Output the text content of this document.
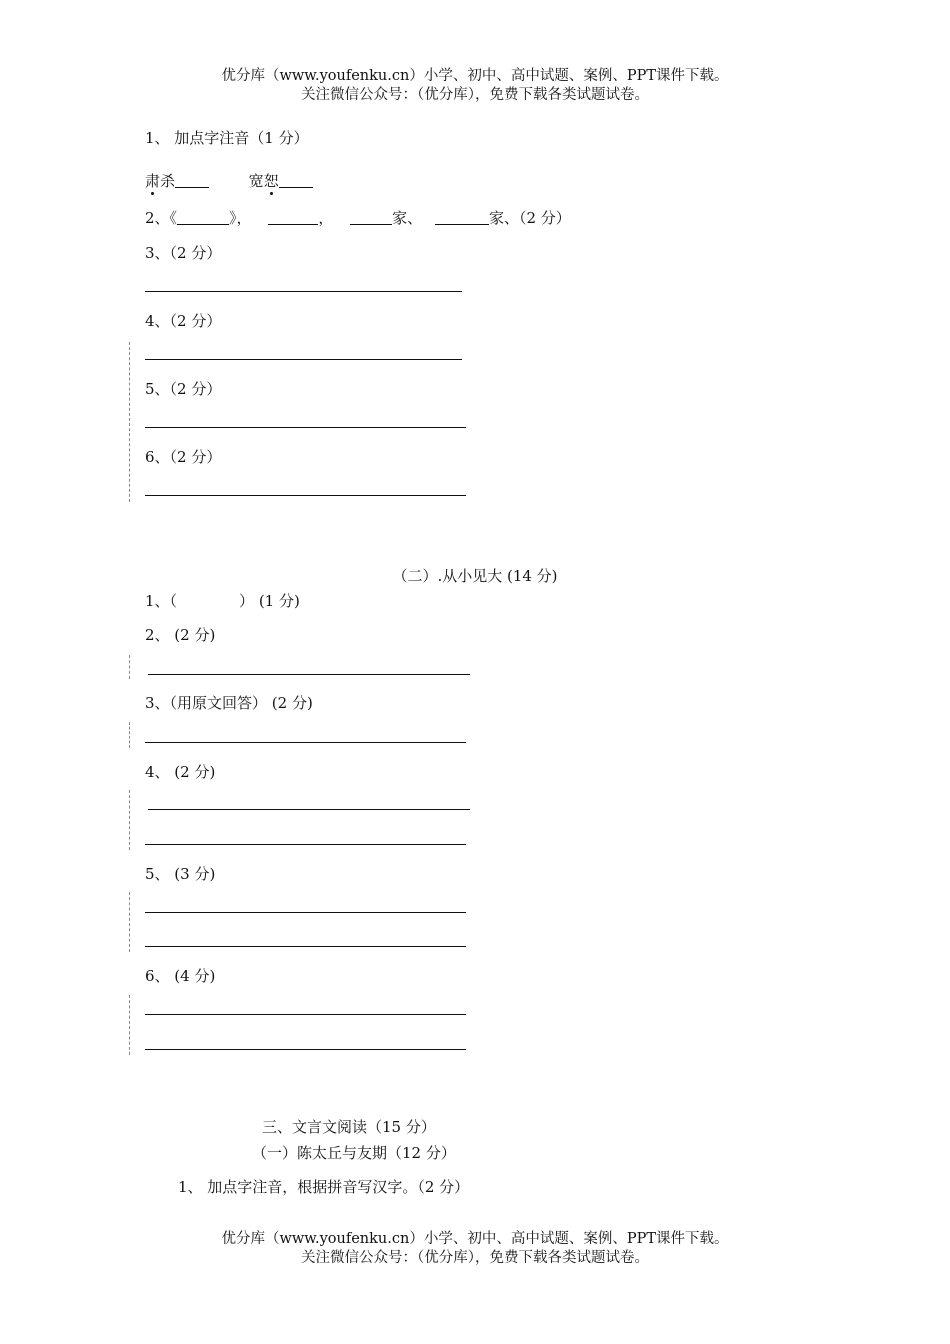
优分库（www.youfenku.cn）小学、初中、高中试题、案例、PPT课件下载。
关注微信公众号：（优分库），免费下载各类试题试卷。
1、 加点字注音（1 分）
肃杀	宽恕
2、《	》，	，	家、	家、（2 分）
3、（2 分）
4、（2 分）
5、（2 分）
6、（2 分）
（二）.从小见大 (14 分)
1、（	） (1 分)
2、 (2 分)
3、（用原文回答） (2 分)
4、 (2 分)
5、 (3 分)
6、 (4 分)
三、文言文阅读（15 分）
（一）陈太丘与友期（12 分）
1、 加点字注音，根据拼音写汉字。（2 分）
优分库（www.youfenku.cn）小学、初中、高中试题、案例、PPT课件下载。
关注微信公众号：（优分库），免费下载各类试题试卷。
